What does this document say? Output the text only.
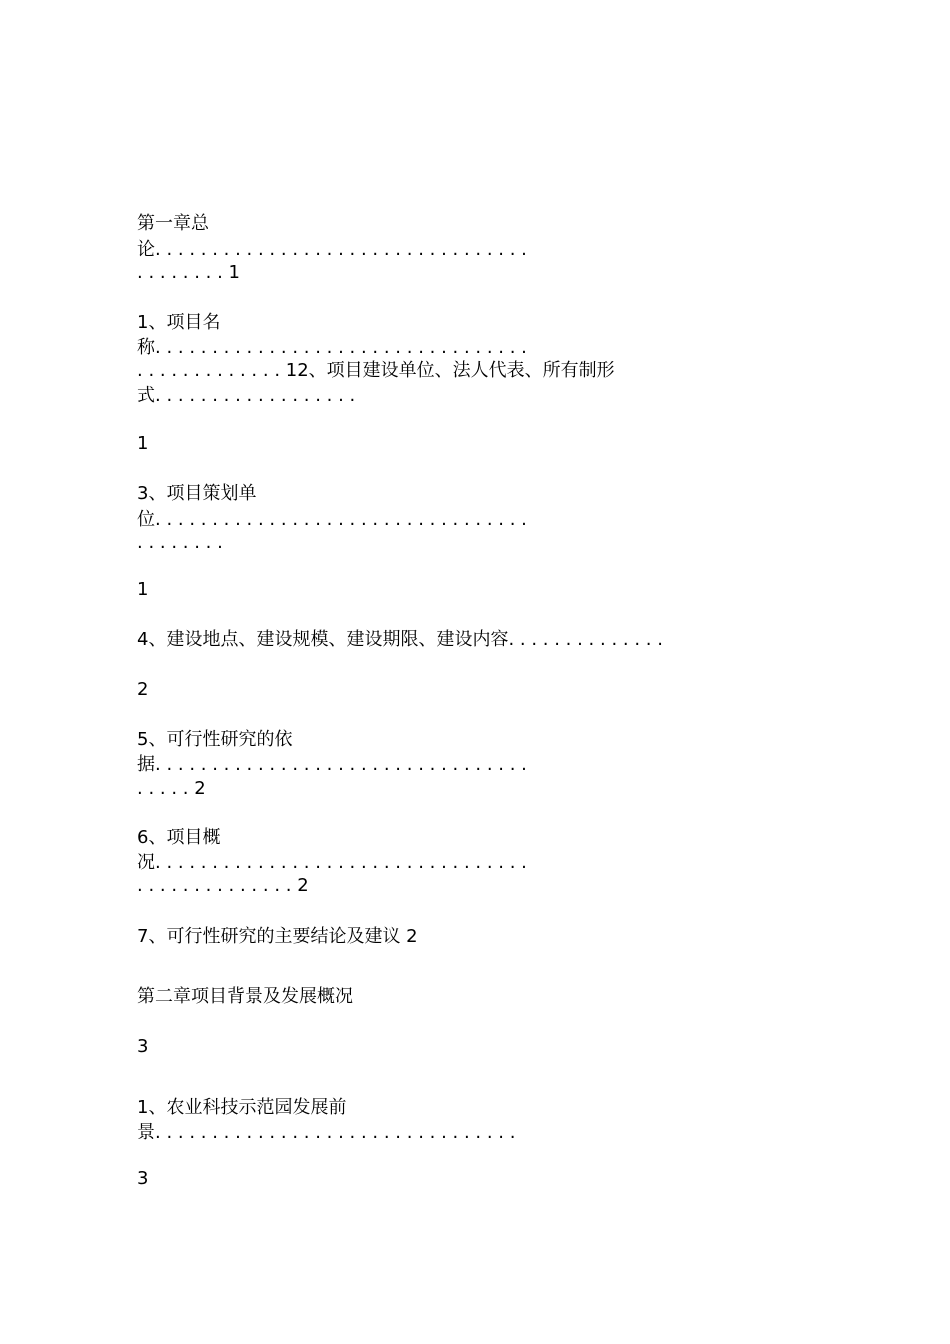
第一章总
论. . . . . . . . . . . . . . . . . . . . . . . . . . . . . . . . .
. . . . . . . . 1
1、项目名
称. . . . . . . . . . . . . . . . . . . . . . . . . . . . . . . . .
. . . . . . . . . . . . . 12、项目建设单位、法人代表、所有制形
式. . . . . . . . . . . . . . . . . .
1
3、项目策划单
位. . . . . . . . . . . . . . . . . . . . . . . . . . . . . . . . .
. . . . . . . .
1
4、建设地点、建设规模、建设期限、建设内容. . . . . . . . . . . . . .
2
5、可行性研究的依
据. . . . . . . . . . . . . . . . . . . . . . . . . . . . . . . . .
. . . . . 2
6、项目概
况. . . . . . . . . . . . . . . . . . . . . . . . . . . . . . . . .
. . . . . . . . . . . . . . 2
7、可行性研究的主要结论及建议 2
第二章项目背景及发展概况
3
1、农业科技示范园发展前
景. . . . . . . . . . . . . . . . . . . . . . . . . . . . . . . .
3
